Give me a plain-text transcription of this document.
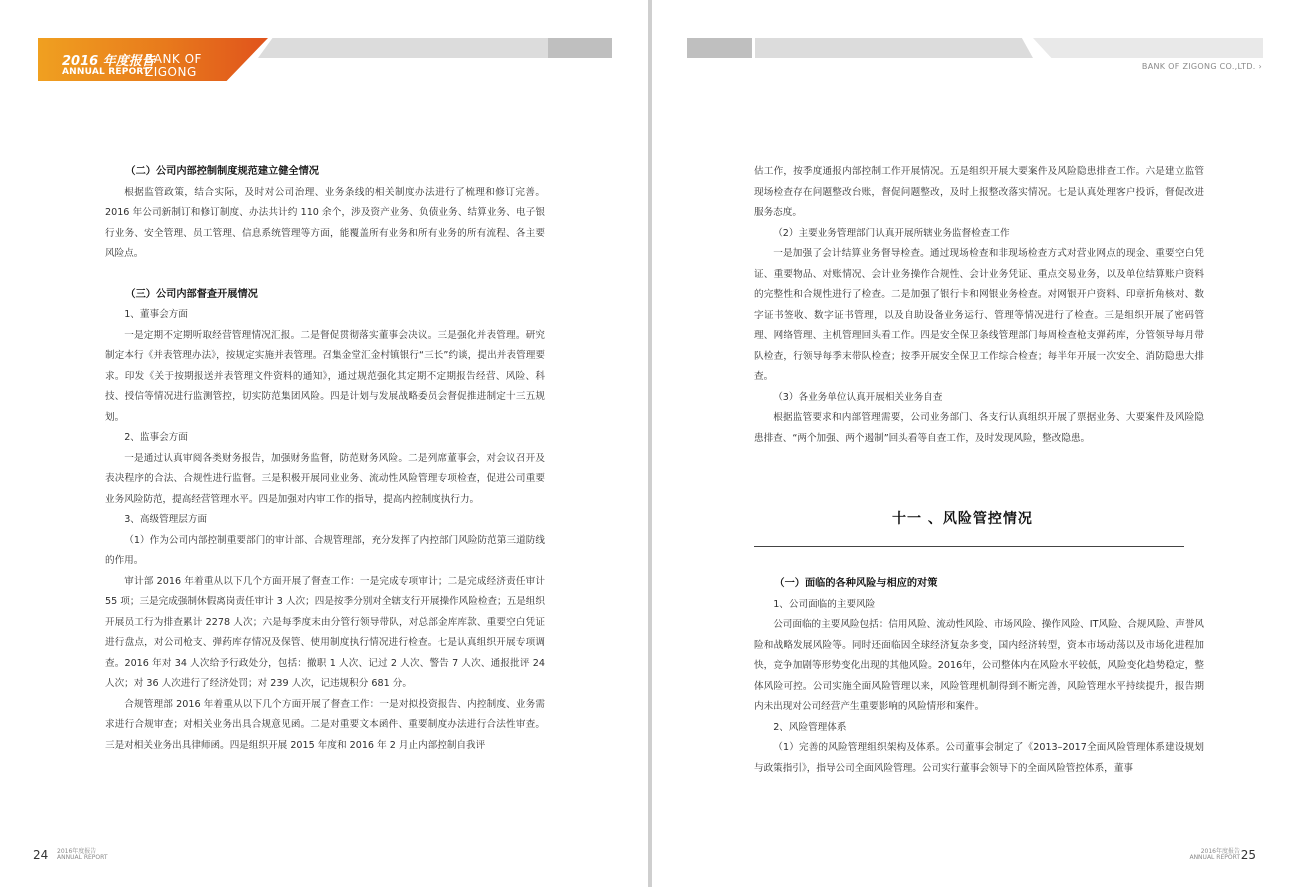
2016 年度报告
ANNUAL REPORT
BANK OF
ZIGONG

（二）公司内部控制制度规范建立健全情况

根据监管政策，结合实际，及时对公司治理、业务条线的相关制度办法进行了梳理和修订完善。2016 年公司新制订和修订制度、办法共计约 110 余个，涉及资产业务、负债业务、结算业务、电子银行业务、安全管理、员工管理、信息系统管理等方面，能覆盖所有业务和所有业务的所有流程、各主要风险点。

（三）公司内部督查开展情况

1、董事会方面

一是定期不定期听取经营管理情况汇报。二是督促贯彻落实董事会决议。三是强化并表管理。研究制定本行《并表管理办法》，按规定实施并表管理。召集金堂汇金村镇银行“三长”约谈，提出并表管理要求。印发《关于按期报送并表管理文件资料的通知》，通过规范强化其定期不定期报告经营、风险、科技、授信等情况进行监测管控，切实防范集团风险。四是计划与发展战略委员会督促推进制定十三五规划。

2、监事会方面

一是通过认真审阅各类财务报告，加强财务监督，防范财务风险。二是列席董事会，对会议召开及表决程序的合法、合规性进行监督。三是积极开展同业业务、流动性风险管理专项检查，促进公司重要业务风险防范，提高经营管理水平。四是加强对内审工作的指导，提高内控制度执行力。

3、高级管理层方面

（1）作为公司内部控制重要部门的审计部、合规管理部，充分发挥了内控部门风险防范第三道防线的作用。

审计部 2016 年着重从以下几个方面开展了督查工作：一是完成专项审计；二是完成经济责任审计 55 项；三是完成强制休假离岗责任审计 3 人次；四是按季分别对全辖支行开展操作风险检查；五是组织开展员工行为排查累计 2278 人次；六是每季度末由分管行领导带队，对总部金库库款、重要空白凭证进行盘点，对公司枪支、弹药库存情况及保管、使用制度执行情况进行检查。七是认真组织开展专项调查。2016 年对 34 人次给予行政处分，包括：撤职 1 人次、记过 2 人次、警告 7 人次、通报批评 24 人次；对 36 人次进行了经济处罚；对 239 人次，记违规积分 681 分。

合规管理部 2016 年着重从以下几个方面开展了督查工作：一是对拟投资报告、内控制度、业务需求进行合规审查；对相关业务出具合规意见函。二是对重要文本函件、重要制度办法进行合法性审查。三是对相关业务出具律师函。四是组织开展 2015 年度和 2016 年 2 月止内部控制自我评

24 2016年度报告
ANNUAL REPORT
BANK OF ZIGONG CO.,LTD. ›

估工作，按季度通报内部控制工作开展情况。五是组织开展大要案件及风险隐患排查工作。六是建立监管现场检查存在问题整改台账，督促问题整改，及时上报整改落实情况。七是认真处理客户投诉，督促改进服务态度。

（2）主要业务管理部门认真开展所辖业务监督检查工作

一是加强了会计结算业务督导检查。通过现场检查和非现场检查方式对营业网点的现金、重要空白凭证、重要物品、对账情况、会计业务操作合规性、会计业务凭证、重点交易业务，以及单位结算账户资料的完整性和合规性进行了检查。二是加强了银行卡和网银业务检查。对网银开户资料、印章折角核对、数字证书签收、数字证书管理，以及自助设备业务运行、管理等情况进行了检查。三是组织开展了密码管理、网络管理、主机管理回头看工作。四是安全保卫条线管理部门每周检查枪支弹药库，分管领导每月带队检查，行领导每季末带队检查；按季开展安全保卫工作综合检查；每半年开展一次安全、消防隐患大排查。

（3）各业务单位认真开展相关业务自查

根据监管要求和内部管理需要，公司业务部门、各支行认真组织开展了票据业务、大要案件及风险隐患排查、“两个加强、两个遏制”回头看等自查工作，及时发现风险，整改隐患。

十一 、风险管控情况

（一）面临的各种风险与相应的对策

1、公司面临的主要风险

公司面临的主要风险包括：信用风险、流动性风险、市场风险、操作风险、IT风险、合规风险、声誉风险和战略发展风险等。同时还面临因全球经济复杂多变，国内经济转型，资本市场动荡以及市场化进程加快，竞争加剧等形势变化出现的其他风险。2016年，公司整体内在风险水平较低，风险变化趋势稳定，整体风险可控。公司实施全面风险管理以来，风险管理机制得到不断完善，风险管理水平持续提升，报告期内未出现对公司经营产生重要影响的风险情形和案件。

2、风险管理体系

（1）完善的风险管理组织架构及体系。公司董事会制定了《2013–2017全面风险管理体系建设规划与政策指引》，指导公司全面风险管理。公司实行董事会领导下的全面风险管控体系，董事

2016年度报告
ANNUAL REPORT 25
